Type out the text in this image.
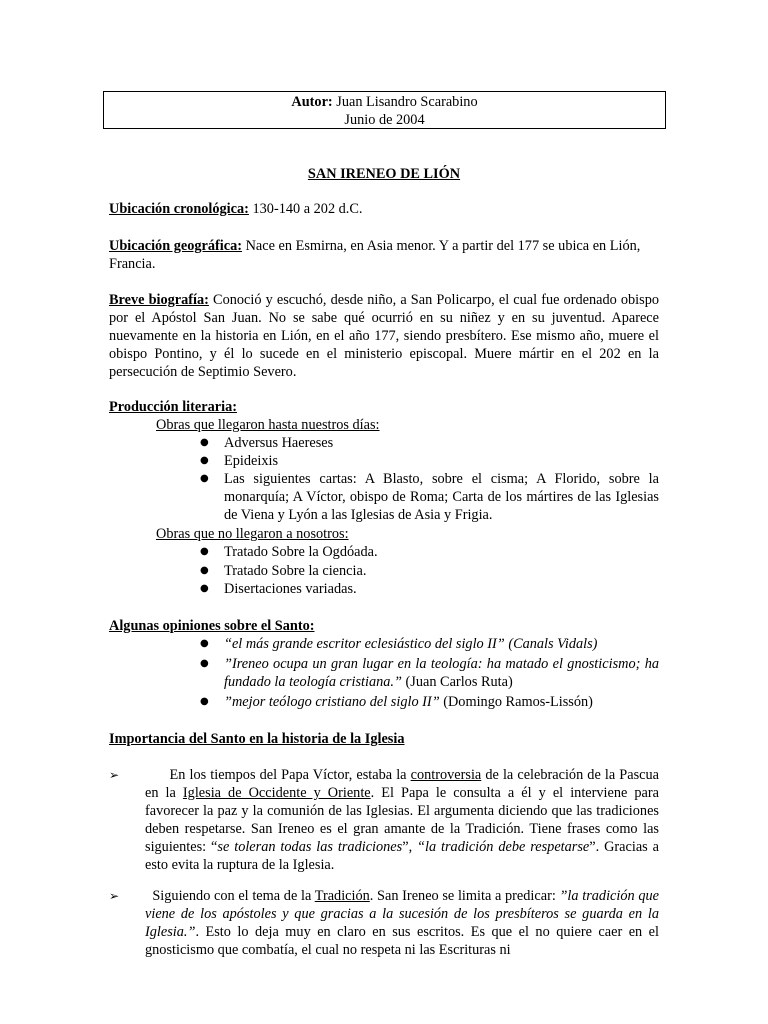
Autor: Juan Lisandro Scarabino
Junio de 2004
SAN IRENEO DE LIÓN
Ubicación cronológica: 130-140 a 202 d.C.
Ubicación geográfica: Nace en Esmirna, en Asia menor. Y a partir del 177 se ubica en Lión, Francia.
Breve biografía: Conoció y escuchó, desde niño, a San Policarpo, el cual fue ordenado obispo por el Apóstol San Juan. No se sabe qué ocurrió en su niñez y en su juventud. Aparece nuevamente en la historia en Lión, en el año 177, siendo presbítero. Ese mismo año, muere el obispo Pontino, y él lo sucede en el ministerio episcopal. Muere mártir en el 202 en la persecución de Septimio Severo.
Producción literaria:
Obras que llegaron hasta nuestros días:
● Adversus Haereses
● Epideixis
● Las siguientes cartas: A Blasto, sobre el cisma; A Florido, sobre la monarquía; A Víctor, obispo de Roma; Carta de los mártires de las Iglesias de Viena y Lyón a las Iglesias de Asia y Frigia.
Obras que no llegaron a nosotros:
● Tratado Sobre la Ogdóada.
● Tratado Sobre la ciencia.
● Disertaciones variadas.
Algunas opiniones sobre el Santo:
● “el más grande escritor eclesiástico del siglo II” (Canals Vidals)
● ”Ireneo ocupa un gran lugar en la teología: ha matado el gnosticismo; ha fundado la teología cristiana.” (Juan Carlos Ruta)
● ”mejor teólogo cristiano del siglo II” (Domingo Ramos-Lissón)
Importancia del Santo en la historia de la Iglesia
➢	En los tiempos del Papa Víctor, estaba la controversia de la celebración de la Pascua en la Iglesia de Occidente y Oriente. El Papa le consulta a él y el interviene para favorecer la paz y la comunión de las Iglesias. El argumenta diciendo que las tradiciones deben respetarse. San Ireneo es el gran amante de la Tradición. Tiene frases como las siguientes: “se toleran todas las tradiciones”, “la tradición debe respetarse”. Gracias a esto evita la ruptura de la Iglesia.
➢	Siguiendo con el tema de la Tradición. San Ireneo se limita a predicar: ”la tradición que viene de los apóstoles y que gracias a la sucesión de los presbíteros se guarda en la Iglesia.”. Esto lo deja muy en claro en sus escritos. Es que el no quiere caer en el gnosticismo que combatía, el cual no respeta ni las Escrituras ni
